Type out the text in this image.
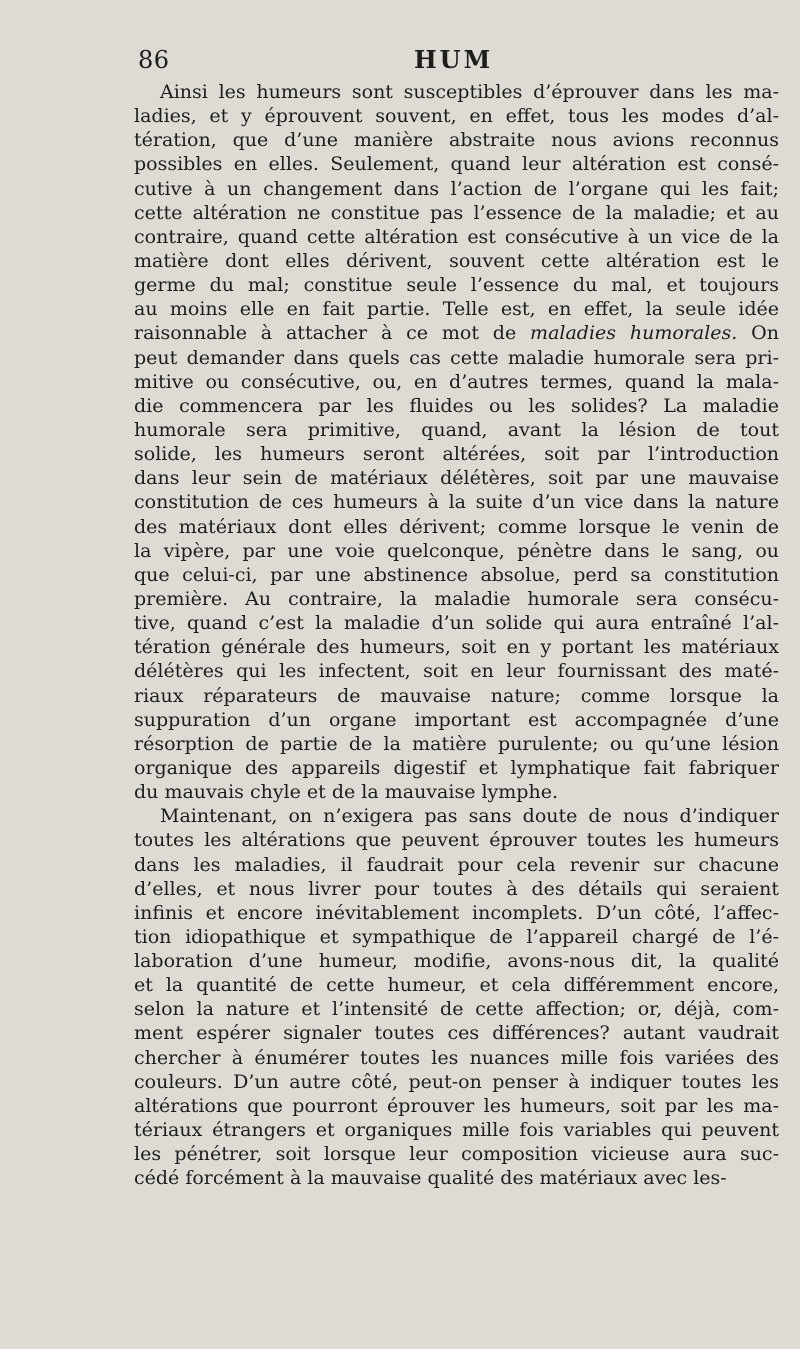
86	HUM
Ainsi les humeurs sont susceptibles d’éprouver dans les ma-
ladies, et y éprouvent souvent, en effet, tous les modes d’al-
tération, que d’une manière abstraite nous avions reconnus
possibles en elles. Seulement, quand leur altération est consé-
cutive à un changement dans l’action de l’organe qui les fait;
cette altération ne constitue pas l’essence de la maladie; et au
contraire, quand cette altération est consécutive à un vice de la
matière dont elles dérivent, souvent cette altération est le
germe du mal; constitue seule l’essence du mal, et toujours
au moins elle en fait partie. Telle est, en effet, la seule idée
raisonnable à attacher à ce mot de maladies humorales. On
peut demander dans quels cas cette maladie humorale sera pri-
mitive ou consécutive, ou, en d’autres termes, quand la mala-
die commencera par les fluides ou les solides? La maladie
humorale sera primitive, quand, avant la lésion de tout
solide, les humeurs seront altérées, soit par l’introduction
dans leur sein de matériaux délétères, soit par une mauvaise
constitution de ces humeurs à la suite d’un vice dans la nature
des matériaux dont elles dérivent; comme lorsque le venin de
la vipère, par une voie quelconque, pénètre dans le sang, ou
que celui-ci, par une abstinence absolue, perd sa constitution
première. Au contraire, la maladie humorale sera consécu-
tive, quand c’est la maladie d’un solide qui aura entraîné l’al-
tération générale des humeurs, soit en y portant les matériaux
délétères qui les infectent, soit en leur fournissant des maté-
riaux réparateurs de mauvaise nature; comme lorsque la
suppuration d’un organe important est accompagnée d’une
résorption de partie de la matière purulente; ou qu’une lésion
organique des appareils digestif et lymphatique fait fabriquer
du mauvais chyle et de la mauvaise lymphe.
Maintenant, on n’exigera pas sans doute de nous d’indiquer
toutes les altérations que peuvent éprouver toutes les humeurs
dans les maladies, il faudrait pour cela revenir sur chacune
d’elles, et nous livrer pour toutes à des détails qui seraient
infinis et encore inévitablement incomplets. D’un côté, l’affec-
tion idiopathique et sympathique de l’appareil chargé de l’é-
laboration d’une humeur, modifie, avons-nous dit, la qualité
et la quantité de cette humeur, et cela différemment encore,
selon la nature et l’intensité de cette affection; or, déjà, com-
ment espérer signaler toutes ces différences? autant vaudrait
chercher à énumérer toutes les nuances mille fois variées des
couleurs. D’un autre côté, peut-on penser à indiquer toutes les
altérations que pourront éprouver les humeurs, soit par les ma-
tériaux étrangers et organiques mille fois variables qui peuvent
les pénétrer, soit lorsque leur composition vicieuse aura suc-
cédé forcément à la mauvaise qualité des matériaux avec les-
